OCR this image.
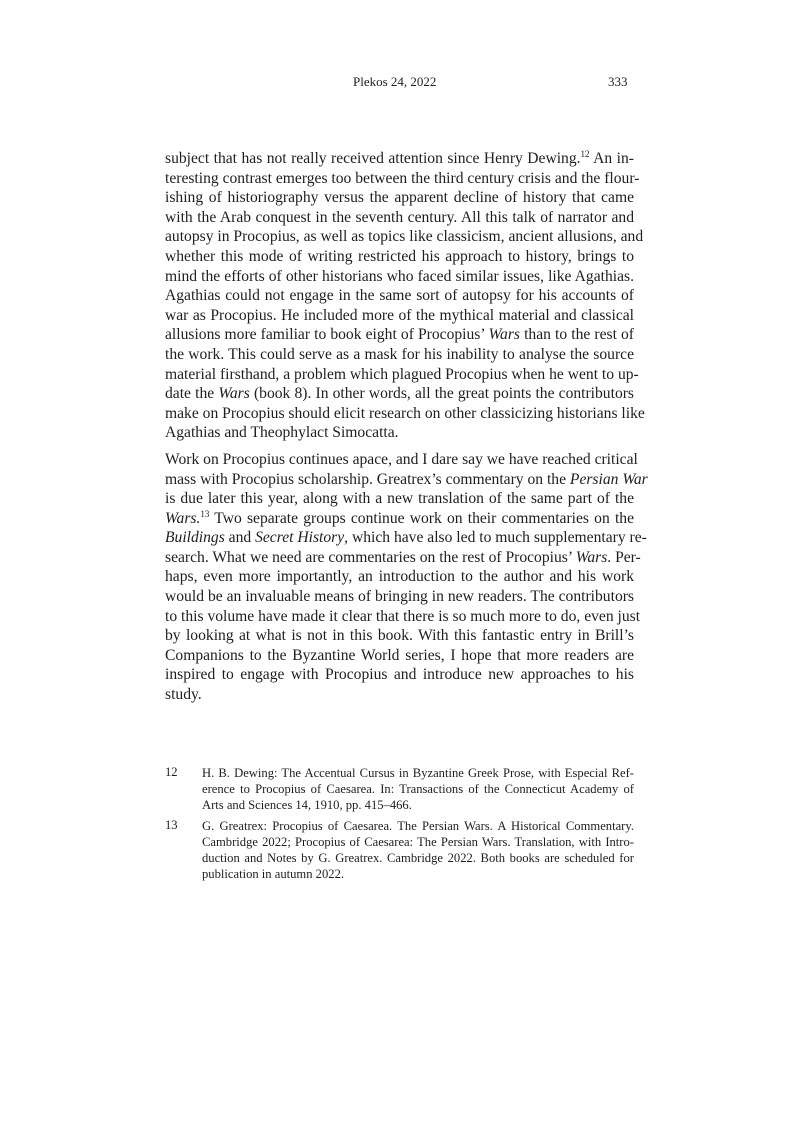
Plekos 24, 2022	333
subject that has not really received attention since Henry Dewing.$^{12}$ An in-
teresting contrast emerges too between the third century crisis and the flour-
ishing of historiography versus the apparent decline of history that came
with the Arab conquest in the seventh century. All this talk of narrator and
autopsy in Procopius, as well as topics like classicism, ancient allusions, and
whether this mode of writing restricted his approach to history, brings to
mind the efforts of other historians who faced similar issues, like Agathias.
Agathias could not engage in the same sort of autopsy for his accounts of
war as Procopius. He included more of the mythical material and classical
allusions more familiar to book eight of Procopius’ Wars than to the rest of
the work. This could serve as a mask for his inability to analyse the source
material firsthand, a problem which plagued Procopius when he went to up-
date the Wars (book 8). In other words, all the great points the contributors
make on Procopius should elicit research on other classicizing historians like
Agathias and Theophylact Simocatta.
Work on Procopius continues apace, and I dare say we have reached critical
mass with Procopius scholarship. Greatrex’s commentary on the Persian War
is due later this year, along with a new translation of the same part of the
Wars.$^{13}$ Two separate groups continue work on their commentaries on the
Buildings and Secret History, which have also led to much supplementary re-
search. What we need are commentaries on the rest of Procopius’ Wars. Per-
haps, even more importantly, an introduction to the author and his work
would be an invaluable means of bringing in new readers. The contributors
to this volume have made it clear that there is so much more to do, even just
by looking at what is not in this book. With this fantastic entry in Brill’s
Companions to the Byzantine World series, I hope that more readers are
inspired to engage with Procopius and introduce new approaches to his
study.
12 H. B. Dewing: The Accentual Cursus in Byzantine Greek Prose, with Especial Ref-
erence to Procopius of Caesarea. In: Transactions of the Connecticut Academy of
Arts and Sciences 14, 1910, pp. 415–466.
13 G. Greatrex: Procopius of Caesarea. The Persian Wars. A Historical Commentary.
Cambridge 2022; Procopius of Caesarea: The Persian Wars. Translation, with Intro-
duction and Notes by G. Greatrex. Cambridge 2022. Both books are scheduled for
publication in autumn 2022.
